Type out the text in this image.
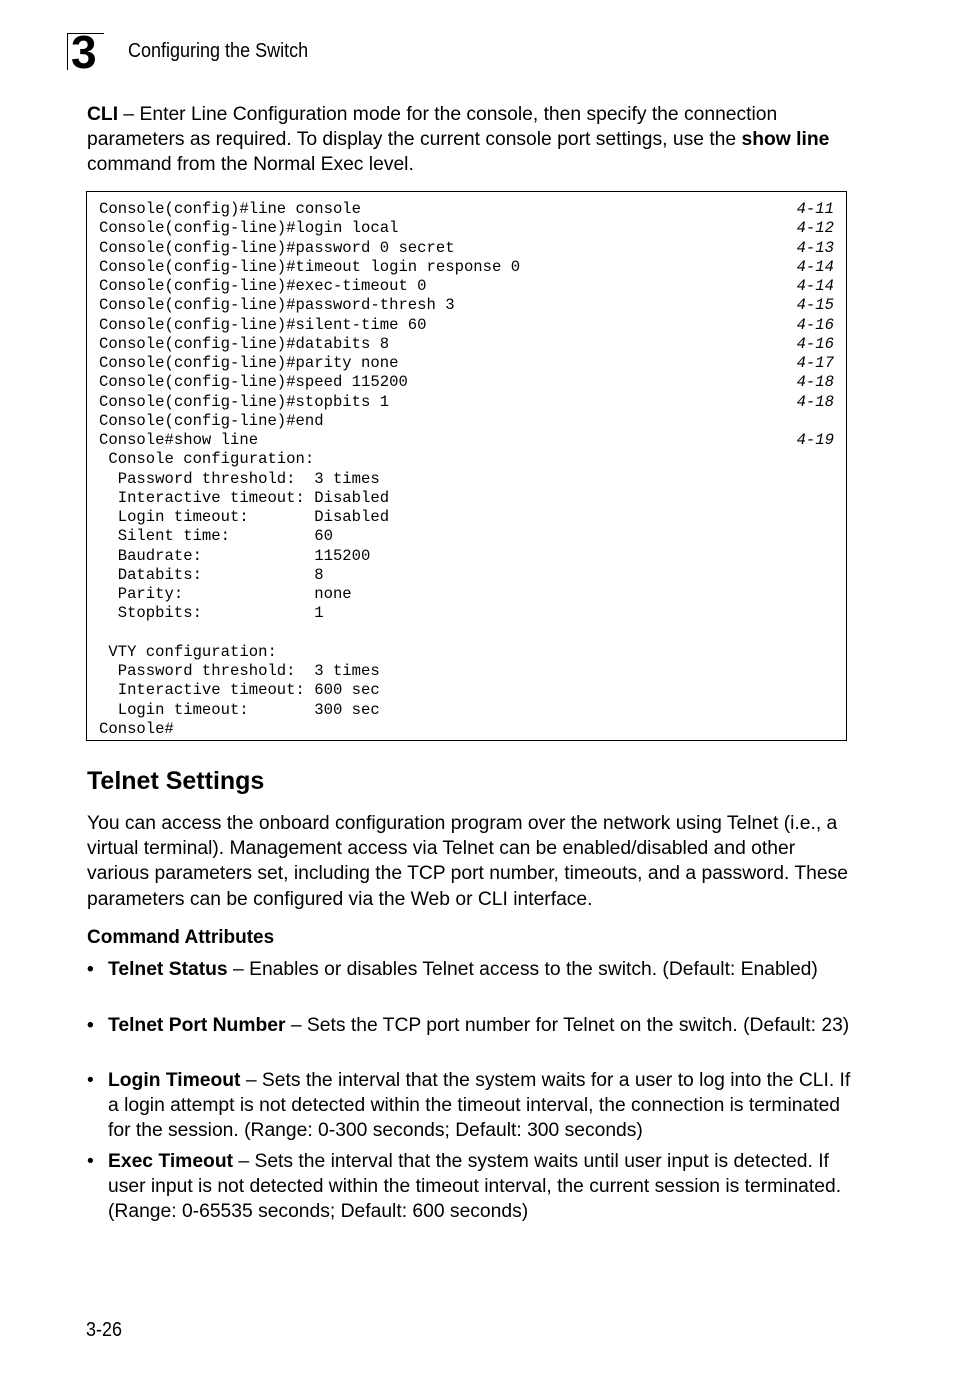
3 Configuring the Switch
CLI – Enter Line Configuration mode for the console, then specify the connection parameters as required. To display the current console port settings, use the show line command from the Normal Exec level.
Console(config)#line console	4-11
Console(config-line)#login local	4-12
Console(config-line)#password 0 secret	4-13
Console(config-line)#timeout login response 0	4-14
Console(config-line)#exec-timeout 0	4-14
Console(config-line)#password-thresh 3	4-15
Console(config-line)#silent-time 60	4-16
Console(config-line)#databits 8	4-16
Console(config-line)#parity none	4-17
Console(config-line)#speed 115200	4-18
Console(config-line)#stopbits 1	4-18
Console(config-line)#end
Console#show line	4-19
Console configuration:
Password threshold:  3 times
Interactive timeout: Disabled
Login timeout:       Disabled
Silent time:         60
Baudrate:            115200
Databits:            8
Parity:              none
Stopbits:            1
VTY configuration:
Password threshold:  3 times
Interactive timeout: 600 sec
Login timeout:       300 sec
Console#
Telnet Settings
You can access the onboard configuration program over the network using Telnet (i.e., a virtual terminal). Management access via Telnet can be enabled/disabled and other various parameters set, including the TCP port number, timeouts, and a password. These parameters can be configured via the Web or CLI interface.
Command Attributes
• Telnet Status – Enables or disables Telnet access to the switch. (Default: Enabled)
• Telnet Port Number – Sets the TCP port number for Telnet on the switch. (Default: 23)
• Login Timeout – Sets the interval that the system waits for a user to log into the CLI. If a login attempt is not detected within the timeout interval, the connection is terminated for the session. (Range: 0-300 seconds; Default: 300 seconds)
• Exec Timeout – Sets the interval that the system waits until user input is detected. If user input is not detected within the timeout interval, the current session is terminated. (Range: 0-65535 seconds; Default: 600 seconds)
3-26
